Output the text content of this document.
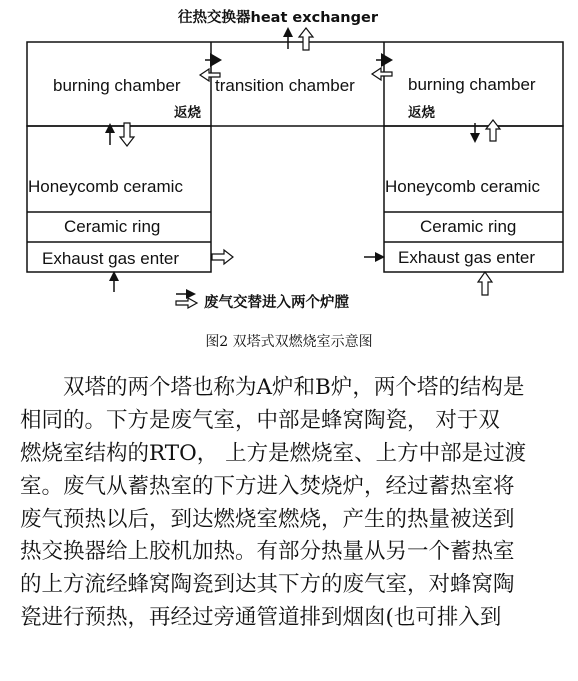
往热交换器heat exchanger
burning chamber
返烧
transition chamber	burning chamber
返烧
Honeycomb ceramic
Ceramic ring
Exhaust gas enter
Honeycomb ceramic
Ceramic ring
Exhaust gas enter
废气交替进入两个炉膛
图2 双塔式双燃烧室示意图
双塔的两个塔也称为A炉和B炉，两个塔的结构是
相同的。下方是废气室，中部是蜂窝陶瓷， 对于双
燃烧室结构的RTO， 上方是燃烧室、上方中部是过渡
室。废气从蓄热室的下方进入焚烧炉，经过蓄热室将
废气预热以后，到达燃烧室燃烧，产生的热量被送到
热交换器给上胶机加热。有部分热量从另一个蓄热室
的上方流经蜂窝陶瓷到达其下方的废气室，对蜂窝陶
瓷进行预热，再经过旁通管道排到烟囱(也可排入到
